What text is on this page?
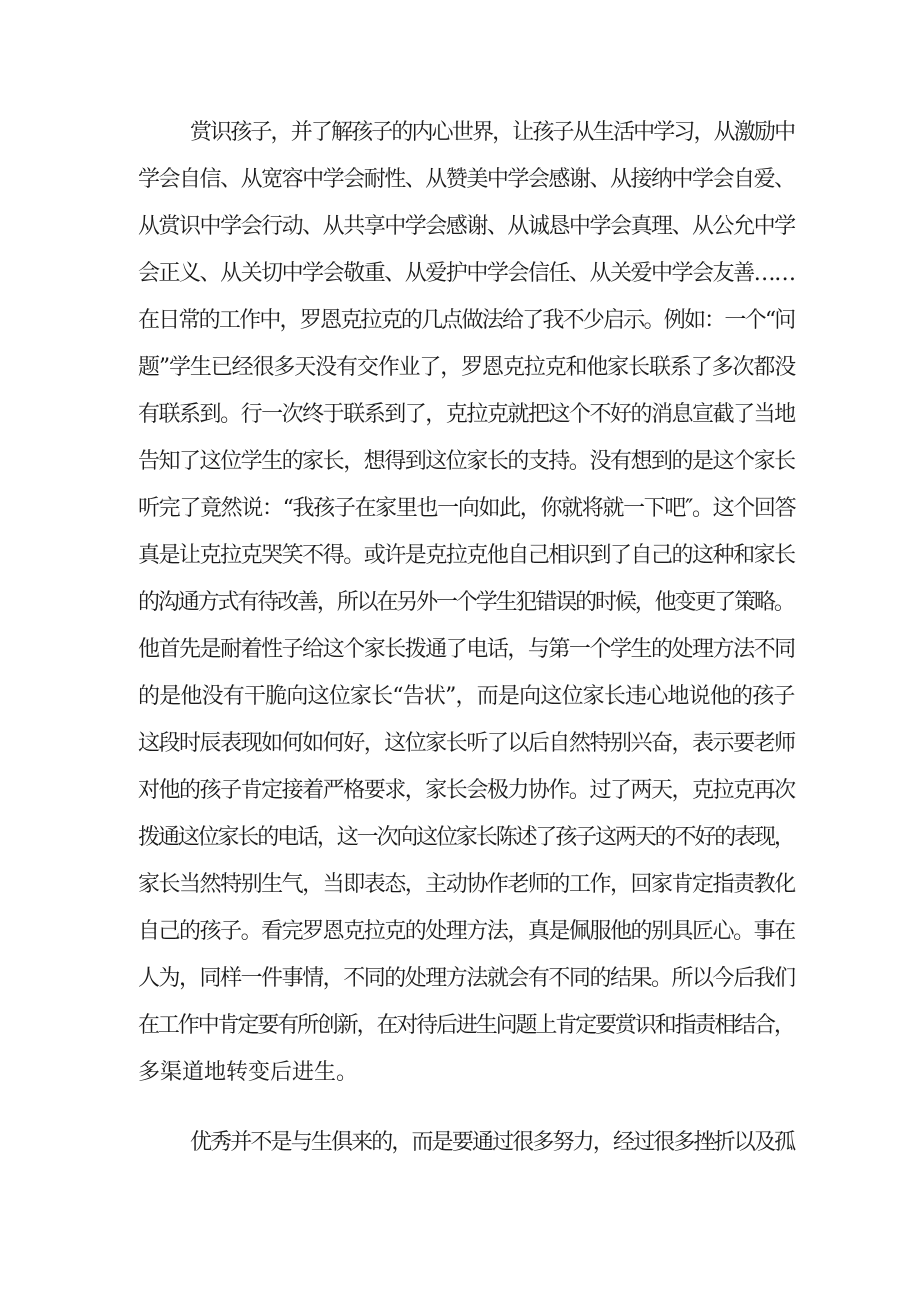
赏识孩子，并了解孩子的内心世界，让孩子从生活中学习，从激励中
学会自信、从宽容中学会耐性、从赞美中学会感谢、从接纳中学会自爱、
从赏识中学会行动、从共享中学会感谢、从诚恳中学会真理、从公允中学
会正义、从关切中学会敬重、从爱护中学会信任、从关爱中学会友善……
在日常的工作中，罗恩克拉克的几点做法给了我不少启示。例如：一个“问
题”学生已经很多天没有交作业了，罗恩克拉克和他家长联系了多次都没
有联系到。行一次终于联系到了，克拉克就把这个不好的消息宣截了当地
告知了这位学生的家长，想得到这位家长的支持。没有想到的是这个家长
听完了竟然说：“我孩子在家里也一向如此，你就将就一下吧″。这个回答
真是让克拉克哭笑不得。或许是克拉克他自己相识到了自己的这种和家长
的沟通方式有待改善，所以在另外一个学生犯错误的时候，他变更了策略。
他首先是耐着性子给这个家长拨通了电话，与第一个学生的处理方法不同
的是他没有干脆向这位家长“告状”，而是向这位家长违心地说他的孩子
这段时辰表现如何如何好，这位家长听了以后自然特别兴奋，表示要老师
对他的孩子肯定接着严格要求，家长会极力协作。过了两天，克拉克再次
拨通这位家长的电话，这一次向这位家长陈述了孩子这两天的不好的表现，
家长当然特别生气，当即表态，主动协作老师的工作，回家肯定指责教化
自己的孩子。看完罗恩克拉克的处理方法，真是佩服他的别具匠心。事在
人为，同样一件事情，不同的处理方法就会有不同的结果。所以今后我们
在工作中肯定要有所创新，在对待后进生问题上肯定要赏识和指责相结合，
多渠道地转变后进生。
优秀并不是与生俱来的，而是要通过很多努力，经过很多挫折以及孤
